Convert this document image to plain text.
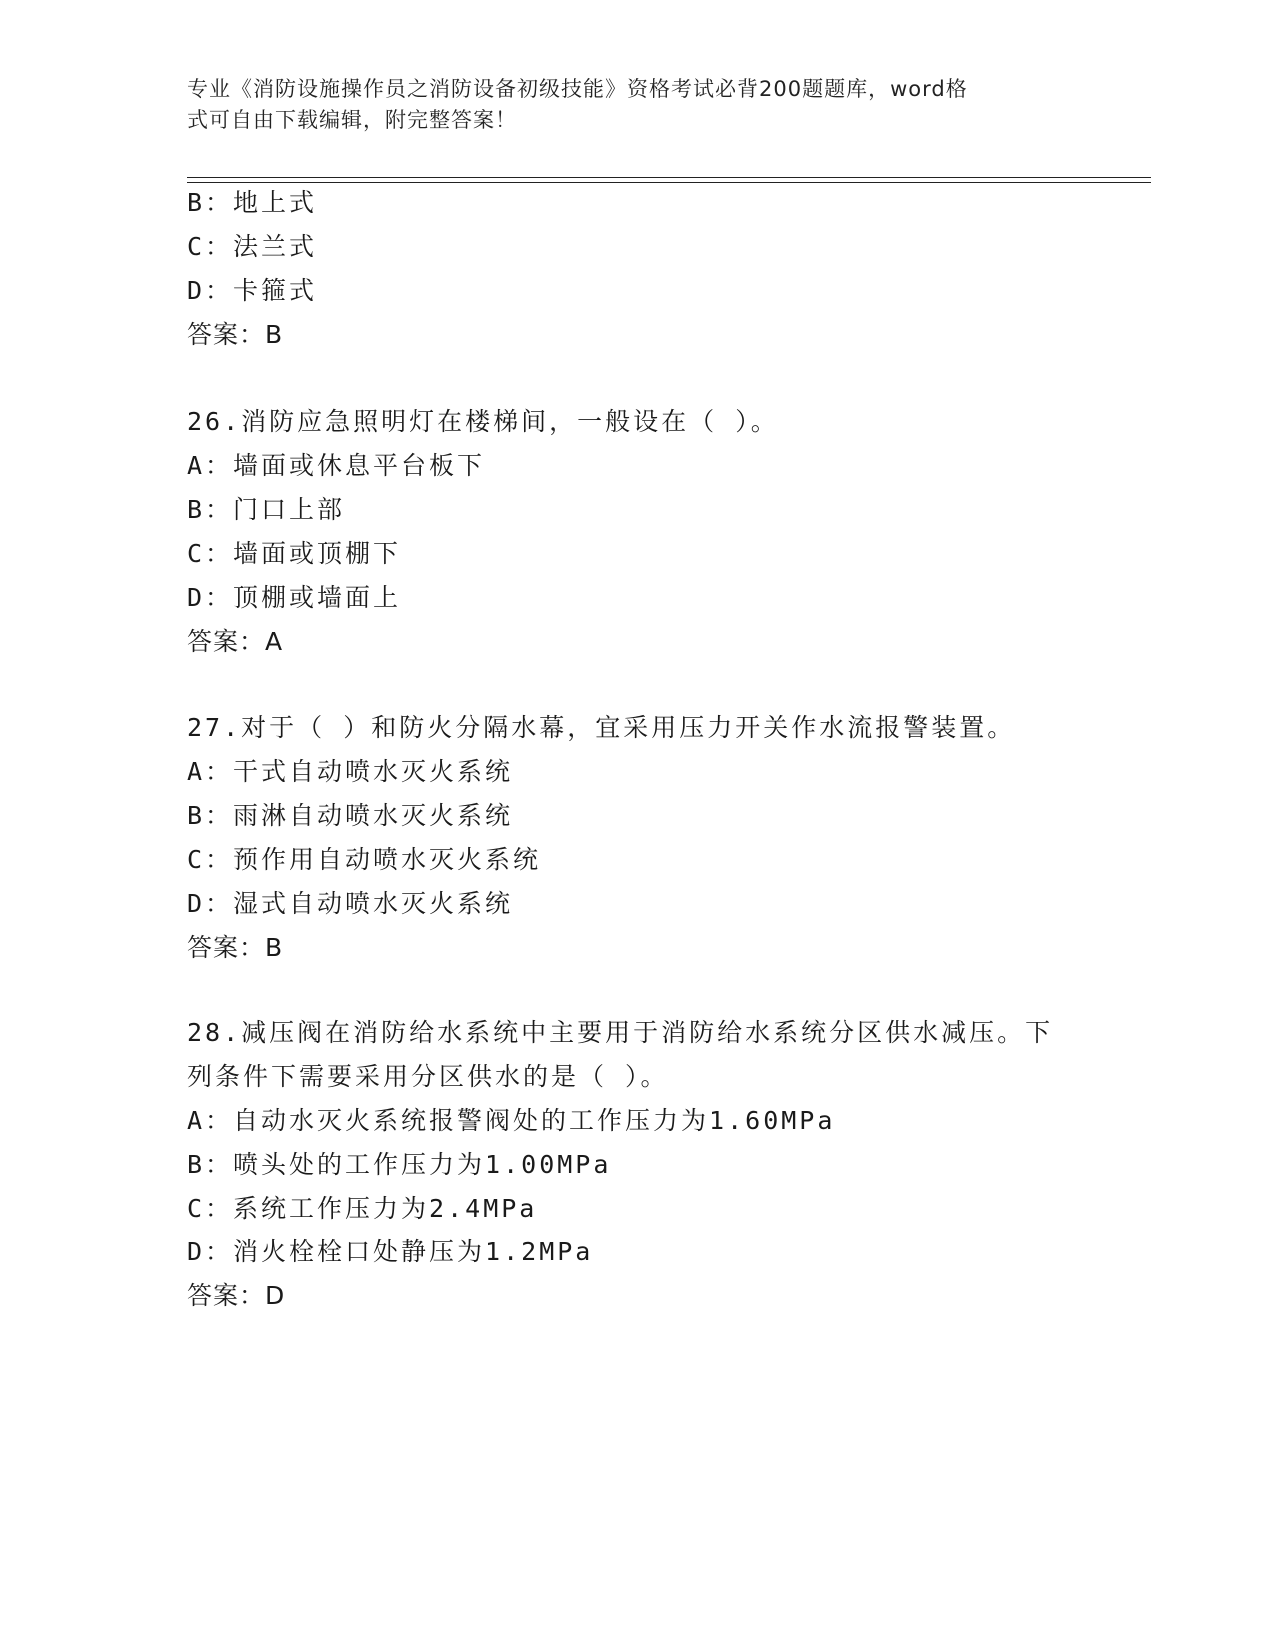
专业《消防设施操作员之消防设备初级技能》资格考试必背200题题库，word格
式可自由下载编辑，附完整答案！
B：地上式
C：法兰式
D：卡箍式
答案：B
26.消防应急照明灯在楼梯间，一般设在（ ）。
A：墙面或休息平台板下
B：门口上部
C：墙面或顶棚下
D：顶棚或墙面上
答案：A
27.对于（ ）和防火分隔水幕，宜采用压力开关作水流报警装置。
A：干式自动喷水灭火系统
B：雨淋自动喷水灭火系统
C：预作用自动喷水灭火系统
D：湿式自动喷水灭火系统
答案：B
28.减压阀在消防给水系统中主要用于消防给水系统分区供水减压。下
列条件下需要采用分区供水的是（ ）。
A：自动水灭火系统报警阀处的工作压力为1.60MPa
B：喷头处的工作压力为1.00MPa
C：系统工作压力为2.4MPa
D：消火栓栓口处静压为1.2MPa
答案：D
